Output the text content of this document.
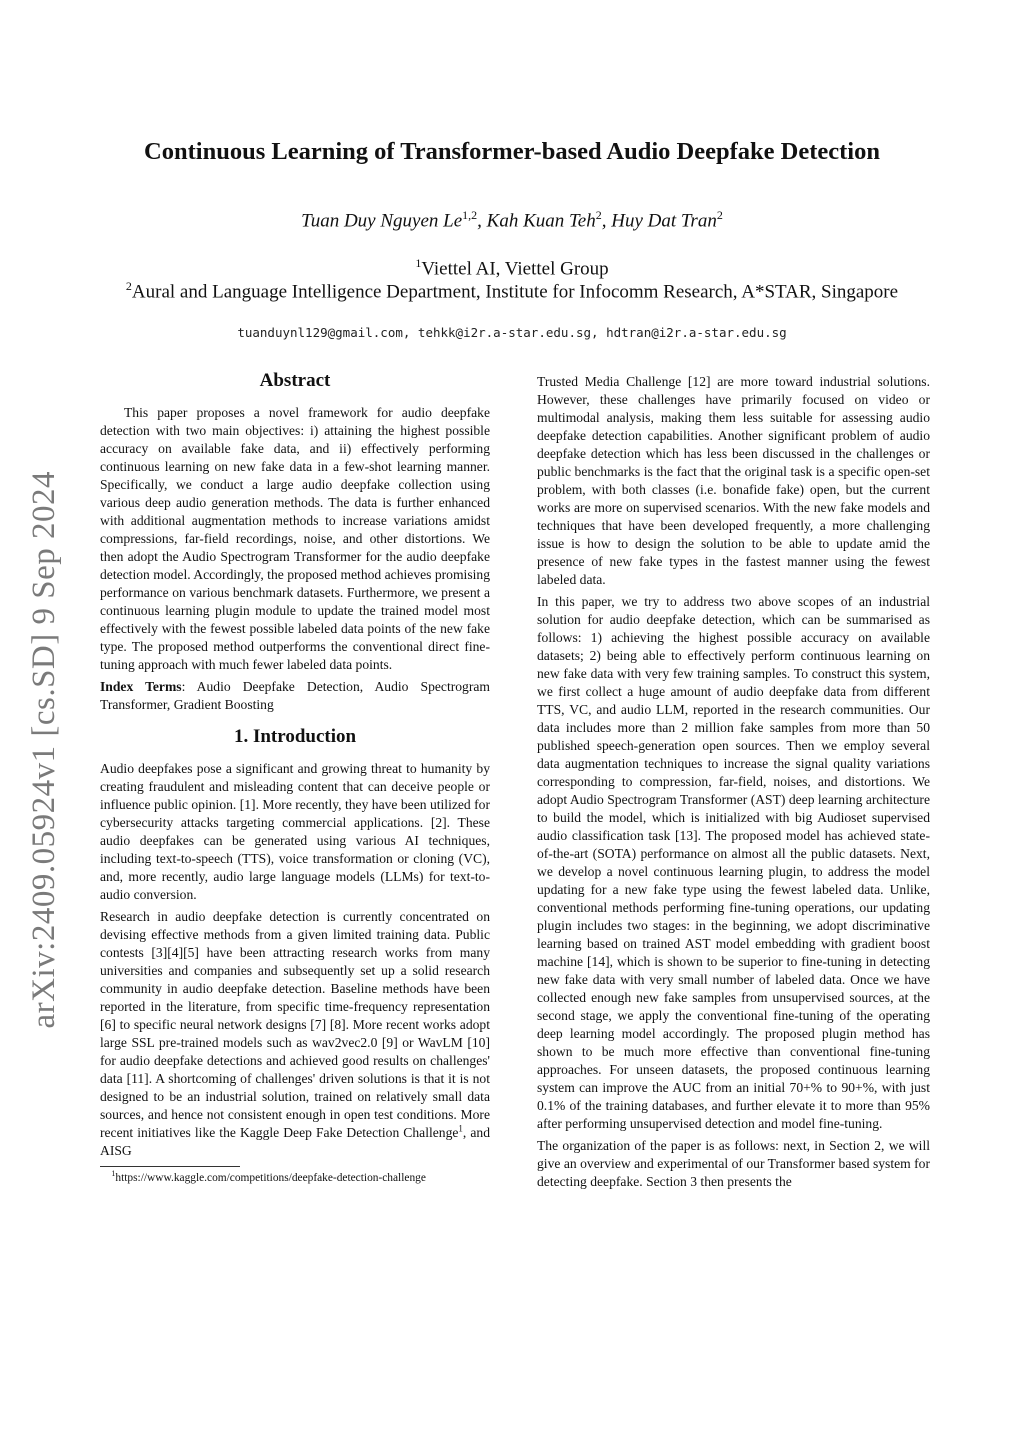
arXiv:2409.05924v1 [cs.SD] 9 Sep 2024
Continuous Learning of Transformer-based Audio Deepfake Detection
Tuan Duy Nguyen Le$^{1,2}$, Kah Kuan Teh$^2$, Huy Dat Tran$^2$
$^1$Viettel AI, Viettel Group
$^2$Aural and Language Intelligence Department, Institute for Infocomm Research, A*STAR, Singapore
tuanduynl129@gmail.com, tehkk@i2r.a-star.edu.sg, hdtran@i2r.a-star.edu.sg
Abstract

This paper proposes a novel framework for audio deepfake detection with two main objectives: i) attaining the highest possible accuracy on available fake data, and ii) effectively performing continuous learning on new fake data in a few-shot learning manner. Specifically, we conduct a large audio deepfake collection using various deep audio generation methods. The data is further enhanced with additional augmentation methods to increase variations amidst compressions, far-field recordings, noise, and other distortions. We then adopt the Audio Spectrogram Transformer for the audio deepfake detection model. Accordingly, the proposed method achieves promising performance on various benchmark datasets. Furthermore, we present a continuous learning plugin module to update the trained model most effectively with the fewest possible labeled data points of the new fake type. The proposed method outperforms the conventional direct fine-tuning approach with much fewer labeled data points.

Index Terms: Audio Deepfake Detection, Audio Spectrogram Transformer, Gradient Boosting

1. Introduction

Audio deepfakes pose a significant and growing threat to humanity by creating fraudulent and misleading content that can deceive people or influence public opinion. [1]. More recently, they have been utilized for cybersecurity attacks targeting commercial applications. [2]. These audio deepfakes can be generated using various AI techniques, including text-to-speech (TTS), voice transformation or cloning (VC), and, more recently, audio large language models (LLMs) for text-to-audio conversion.

Research in audio deepfake detection is currently concentrated on devising effective methods from a given limited training data. Public contests [3][4][5] have been attracting research works from many universities and companies and subsequently set up a solid research community in audio deepfake detection. Baseline methods have been reported in the literature, from specific time-frequency representation [6] to specific neural network designs [7] [8]. More recent works adopt large SSL pre-trained models such as wav2vec2.0 [9] or WavLM [10] for audio deepfake detections and achieved good results on challenges' data [11]. A shortcoming of challenges' driven solutions is that it is not designed to be an industrial solution, trained on relatively small data sources, and hence not consistent enough in open test conditions. More recent initiatives like the Kaggle Deep Fake Detection Challenge$^1$, and AISG

$^1$https://www.kaggle.com/competitions/deepfake-detection-challenge

Trusted Media Challenge [12] are more toward industrial solutions. However, these challenges have primarily focused on video or multimodal analysis, making them less suitable for assessing audio deepfake detection capabilities. Another significant problem of audio deepfake detection which has less been discussed in the challenges or public benchmarks is the fact that the original task is a specific open-set problem, with both classes (i.e. bonafide fake) open, but the current works are more on supervised scenarios. With the new fake models and techniques that have been developed frequently, a more challenging issue is how to design the solution to be able to update amid the presence of new fake types in the fastest manner using the fewest labeled data.

In this paper, we try to address two above scopes of an industrial solution for audio deepfake detection, which can be summarised as follows: 1) achieving the highest possible accuracy on available datasets; 2) being able to effectively perform continuous learning on new fake data with very few training samples. To construct this system, we first collect a huge amount of audio deepfake data from different TTS, VC, and audio LLM, reported in the research communities. Our data includes more than 2 million fake samples from more than 50 published speech-generation open sources. Then we employ several data augmentation techniques to increase the signal quality variations corresponding to compression, far-field, noises, and distortions. We adopt Audio Spectrogram Transformer (AST) deep learning architecture to build the model, which is initialized with big Audioset supervised audio classification task [13]. The proposed model has achieved state-of-the-art (SOTA) performance on almost all the public datasets. Next, we develop a novel continuous learning plugin, to address the model updating for a new fake type using the fewest labeled data. Unlike, conventional methods performing fine-tuning operations, our updating plugin includes two stages: in the beginning, we adopt discriminative learning based on trained AST model embedding with gradient boost machine [14], which is shown to be superior to fine-tuning in detecting new fake data with very small number of labeled data. Once we have collected enough new fake samples from unsupervised sources, at the second stage, we apply the conventional fine-tuning of the operating deep learning model accordingly. The proposed plugin method has shown to be much more effective than conventional fine-tuning approaches. For unseen datasets, the proposed continuous learning system can improve the AUC from an initial 70+% to 90+%, with just 0.1% of the training databases, and further elevate it to more than 95% after performing unsupervised detection and model fine-tuning.

The organization of the paper is as follows: next, in Section 2, we will give an overview and experimental of our Transformer based system for detecting deepfake. Section 3 then presents the
